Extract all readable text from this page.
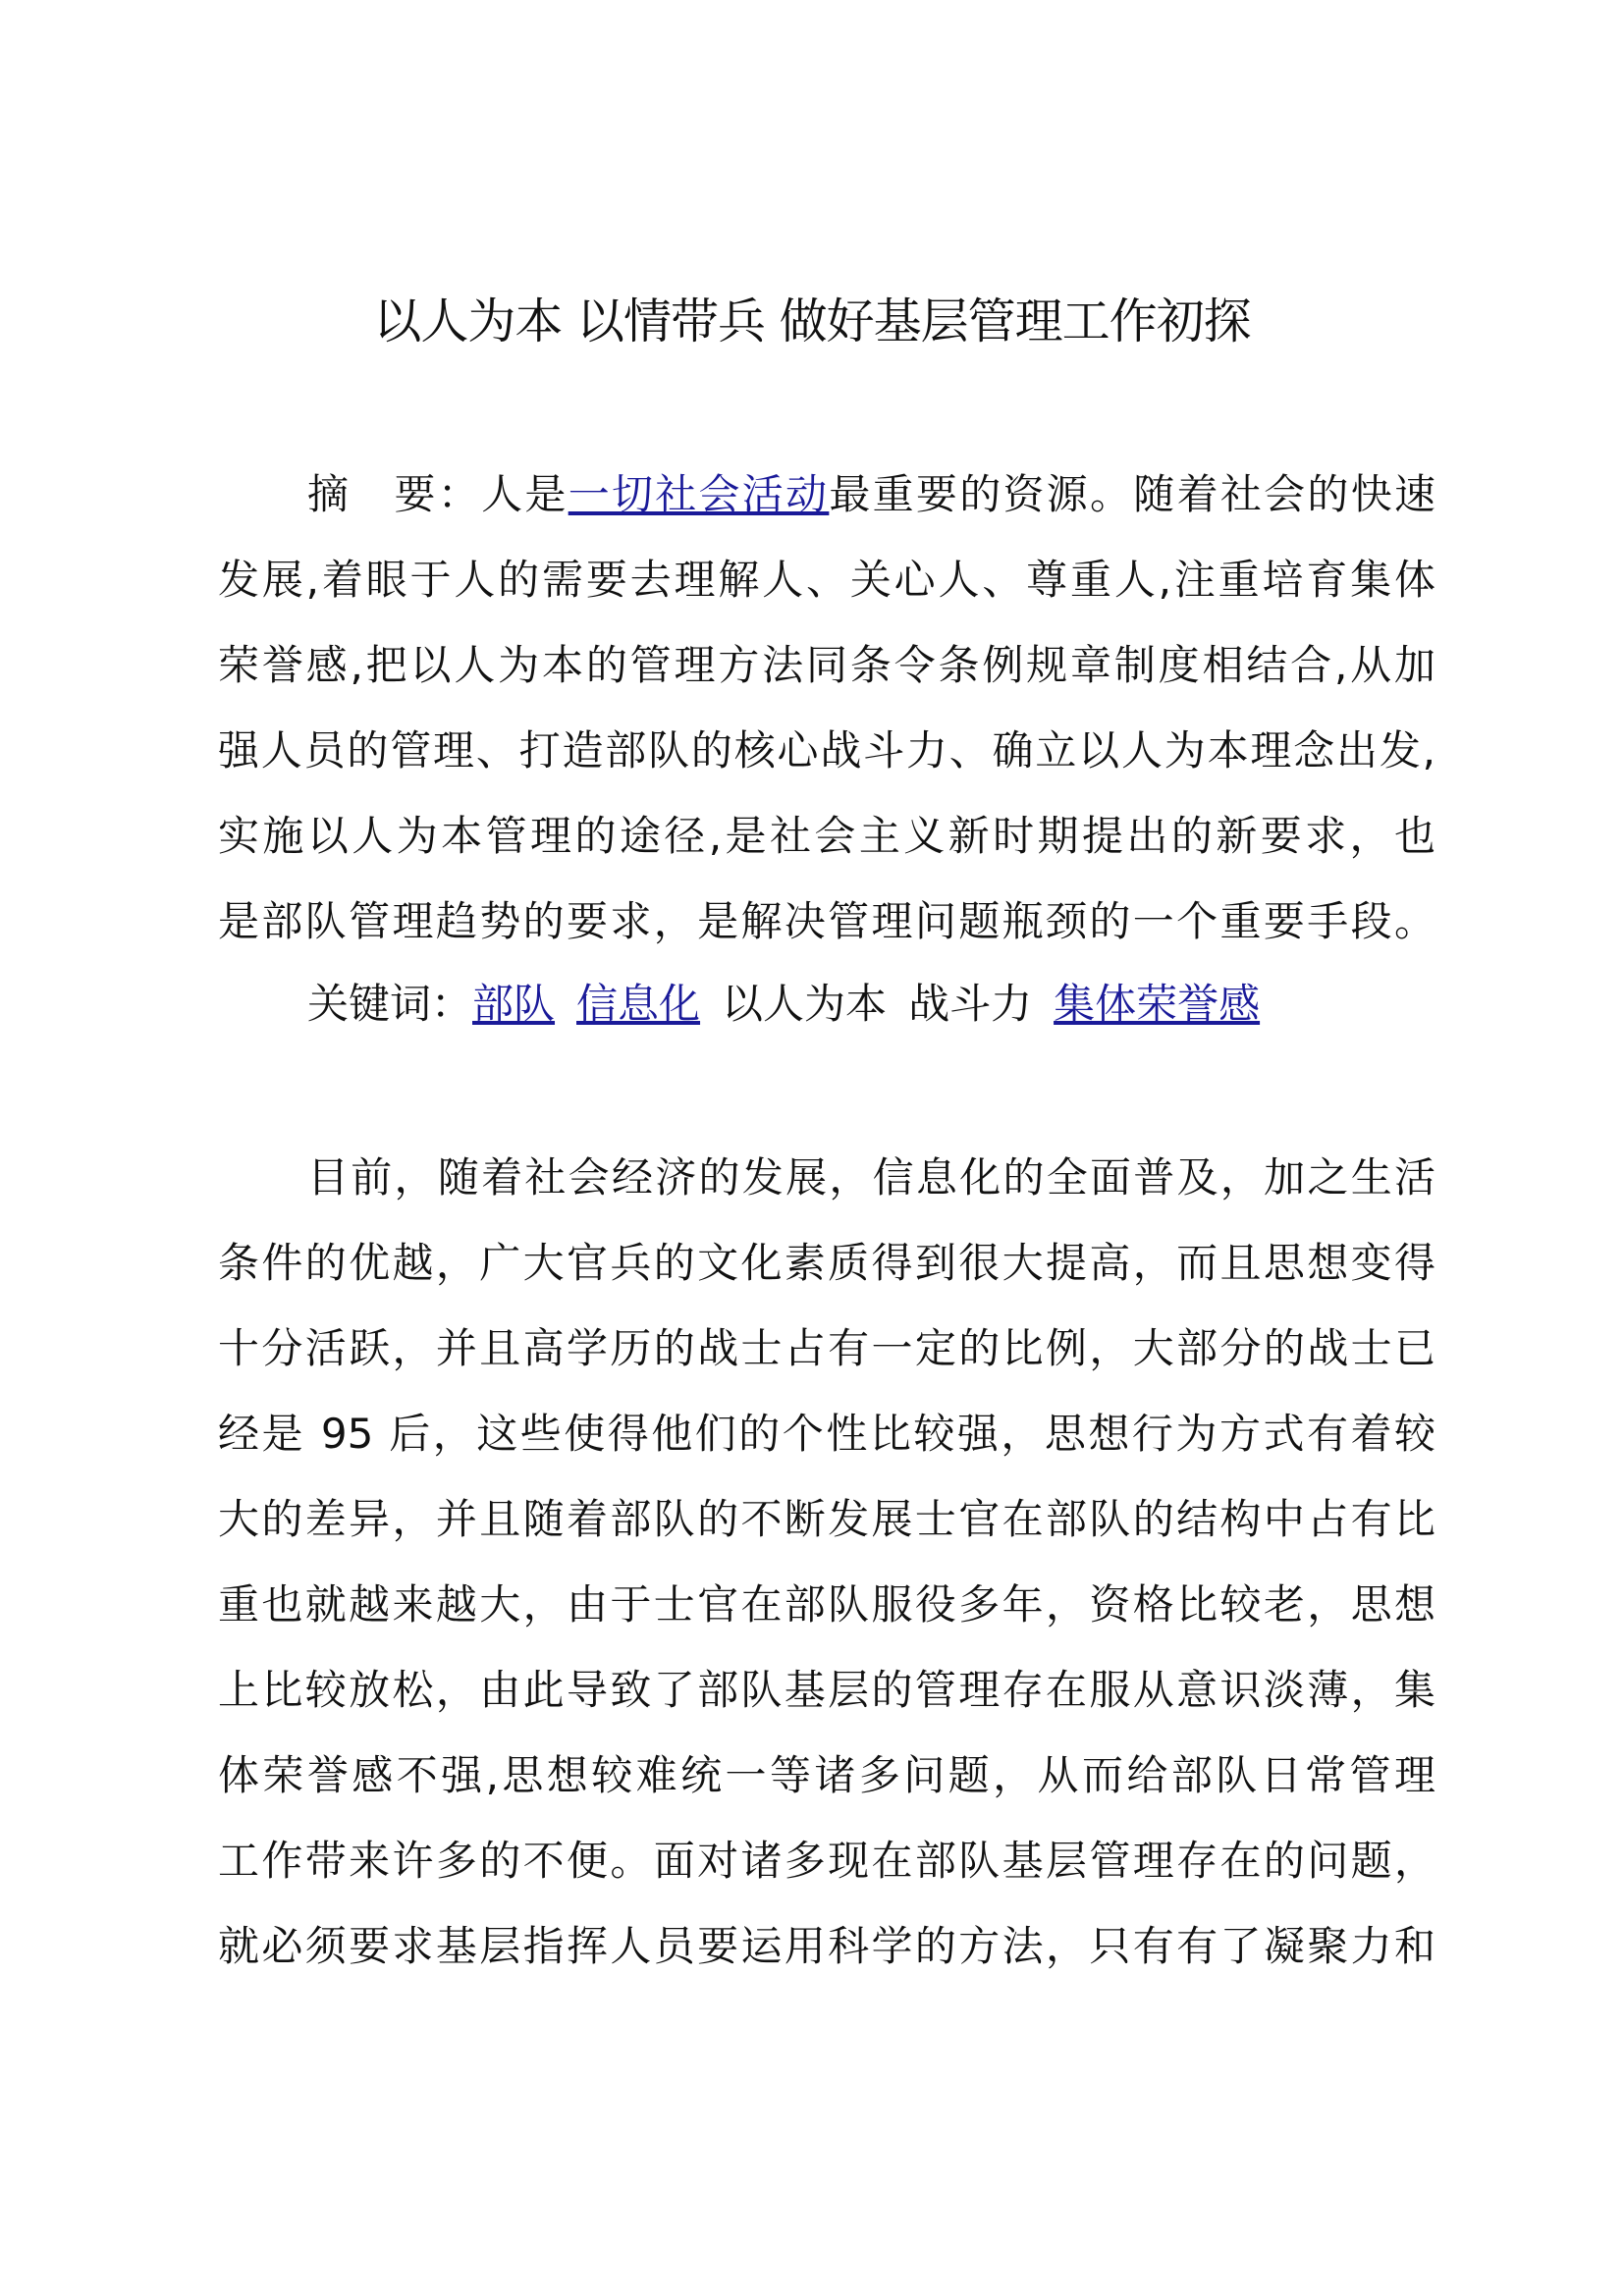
以人为本 以情带兵 做好基层管理工作初探
摘　要：人是一切社会活动最重要的资源。随着社会的快速
发展,着眼于人的需要去理解人、关心人、尊重人,注重培育集体
荣誉感,把以人为本的管理方法同条令条例规章制度相结合,从加
强人员的管理、打造部队的核心战斗力、确立以人为本理念出发,
实施以人为本管理的途径,是社会主义新时期提出的新要求，也
是部队管理趋势的要求，是解决管理问题瓶颈的一个重要手段。
关键词：部队 信息化 以人为本 战斗力 集体荣誉感
目前，随着社会经济的发展，信息化的全面普及，加之生活
条件的优越，广大官兵的文化素质得到很大提高，而且思想变得
十分活跃，并且高学历的战士占有一定的比例，大部分的战士已
经是 95 后，这些使得他们的个性比较强，思想行为方式有着较
大的差异，并且随着部队的不断发展士官在部队的结构中占有比
重也就越来越大，由于士官在部队服役多年，资格比较老，思想
上比较放松，由此导致了部队基层的管理存在服从意识淡薄，集
体荣誉感不强,思想较难统一等诸多问题，从而给部队日常管理
工作带来许多的不便。面对诸多现在部队基层管理存在的问题，
就必须要求基层指挥人员要运用科学的方法，只有有了凝聚力和
